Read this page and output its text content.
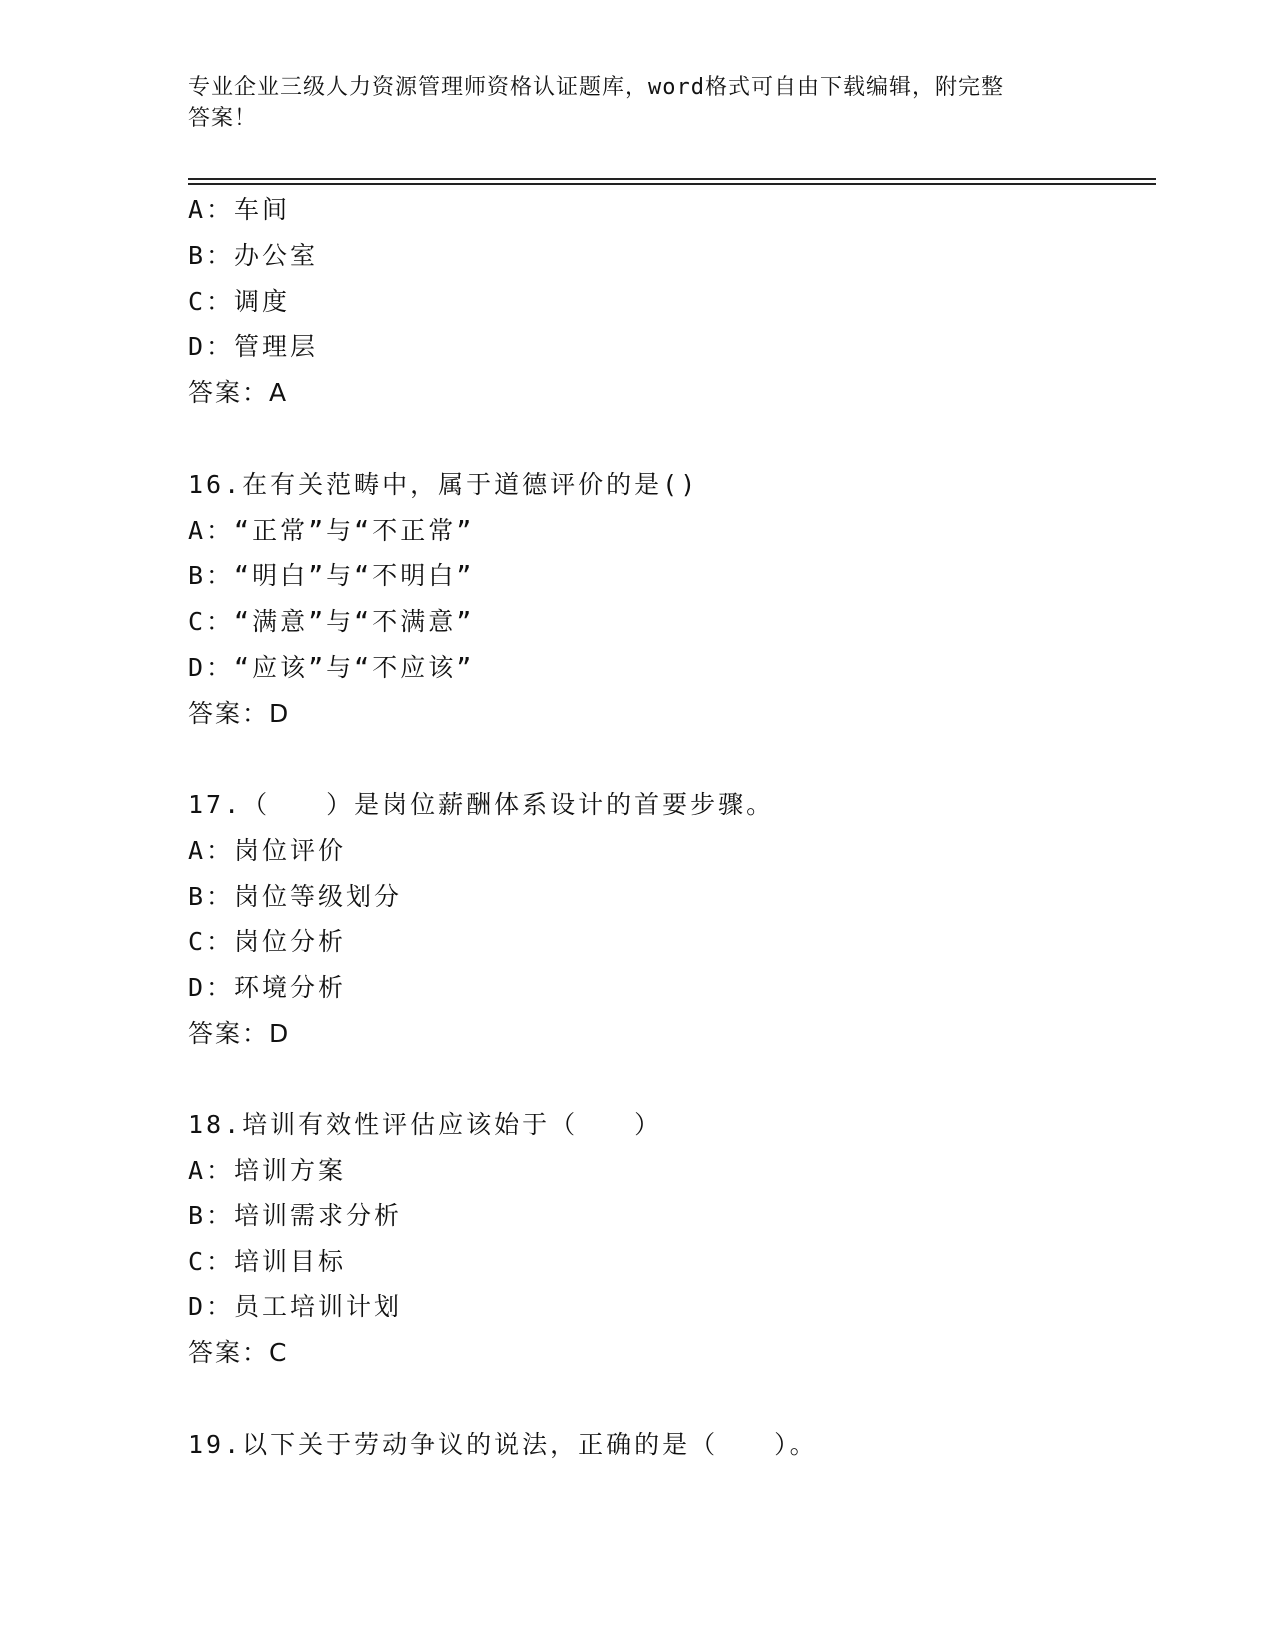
专业企业三级人力资源管理师资格认证题库，word格式可自由下载编辑，附完整
答案！
A：车间
B：办公室
C：调度
D：管理层
答案：A
16.在有关范畴中，属于道德评价的是()
A：“正常”与“不正常”
B：“明白”与“不明白”
C：“满意”与“不满意”
D：“应该”与“不应该”
答案：D
17.（　　）是岗位薪酬体系设计的首要步骤。
A：岗位评价
B：岗位等级划分
C：岗位分析
D：环境分析
答案：D
18.培训有效性评估应该始于（　　）
A：培训方案
B：培训需求分析
C：培训目标
D：员工培训计划
答案：C
19.以下关于劳动争议的说法，正确的是（　　）。
